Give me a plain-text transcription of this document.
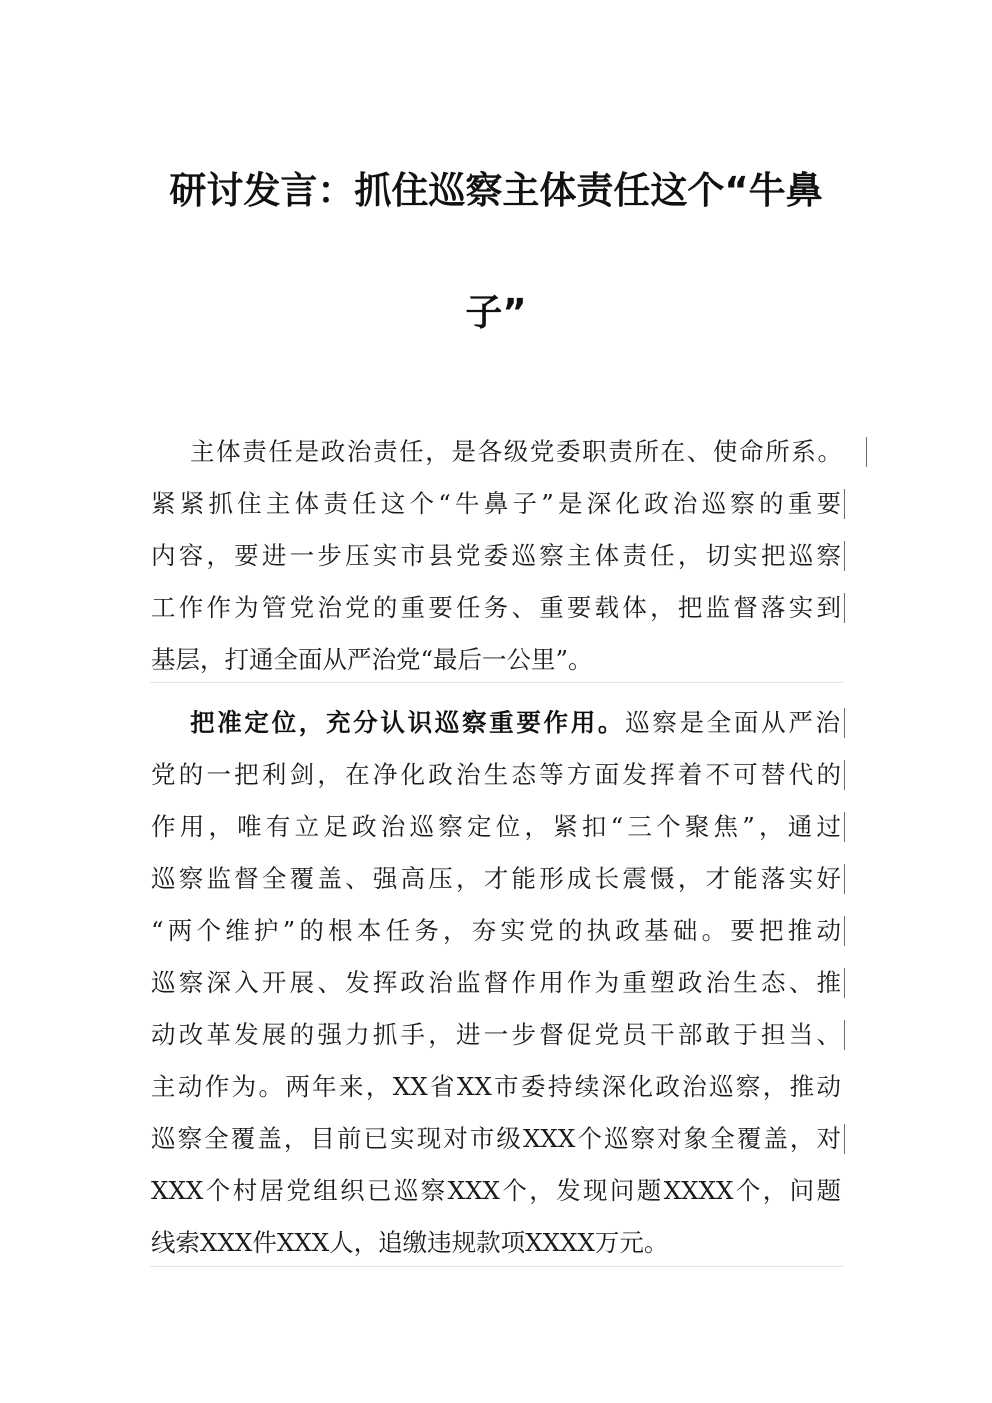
研讨发言：抓住巡察主体责任这个“牛鼻
子”
主体责任是政治责任，是各级党委职责所在、使命所系。
紧紧抓住主体责任这个“牛鼻子”是深化政治巡察的重要
内容，要进一步压实市县党委巡察主体责任，切实把巡察
工作作为管党治党的重要任务、重要载体，把监督落实到
基层，打通全面从严治党“最后一公里”。
把准定位，充分认识巡察重要作用。巡察是全面从严治
党的一把利剑，在净化政治生态等方面发挥着不可替代的
作用，唯有立足政治巡察定位，紧扣“三个聚焦”，通过
巡察监督全覆盖、强高压，才能形成长震慑，才能落实好
“两个维护”的根本任务，夯实党的执政基础。要把推动
巡察深入开展、发挥政治监督作用作为重塑政治生态、推
动改革发展的强力抓手，进一步督促党员干部敢于担当、
主动作为。两年来，XX省XX市委持续深化政治巡察，推动
巡察全覆盖，目前已实现对市级XXX个巡察对象全覆盖，对
XXX个村居党组织已巡察XXX个，发现问题XXXX个，问题
线索XXX件XXX人，追缴违规款项XXXX万元。
